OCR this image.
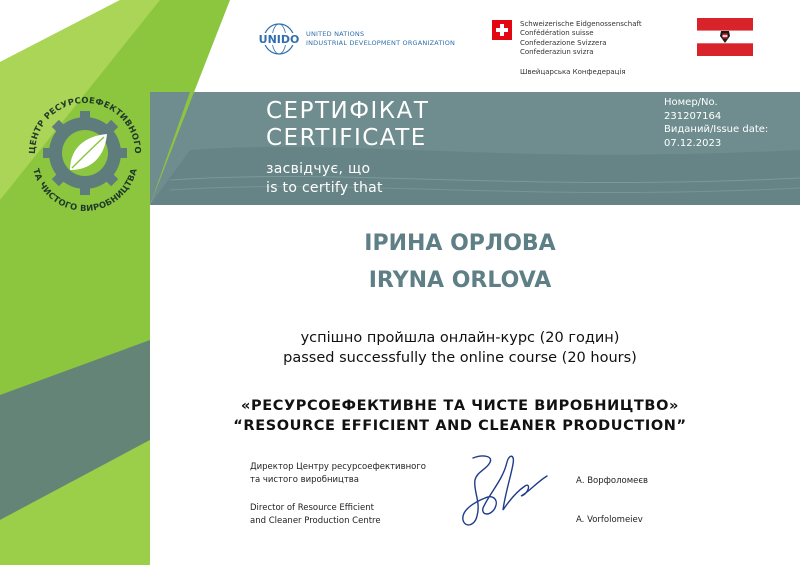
UNIDO UNITED NATIONS
INDUSTRIAL DEVELOPMENT ORGANIZATION
Schweizerische Eidgenossenschaft
Confédération suisse
Confederazione Svizzera
Confederaziun svizra
Швейцарська Конфедерація
ЦЕНТР РЕСУРСОЕФЕКТИВНОГО
ТА ЧИСТОГО ВИРОБНИЦТВА
СЕРТИФІКАТ
CERTIFICATE
засвідчує, що
is to certify that
Номер/No.
231207164
Виданий/Issue date:
07.12.2023
ІРИНА ОРЛОВА
IRYNA ORLOVA
успішно пройшла онлайн-курс (20 годин)
passed successfully the online course (20 hours)
«РЕСУРСОЕФЕКТИВНЕ ТА ЧИСТЕ ВИРОБНИЦТВО»
“RESOURCE EFFICIENT AND CLEANER PRODUCTION”
Директор Центру ресурсоефективного
та чистого виробництва
Director of Resource Efficient
and Cleaner Production Centre
А. Ворфоломеєв
A. Vorfolomeiev
